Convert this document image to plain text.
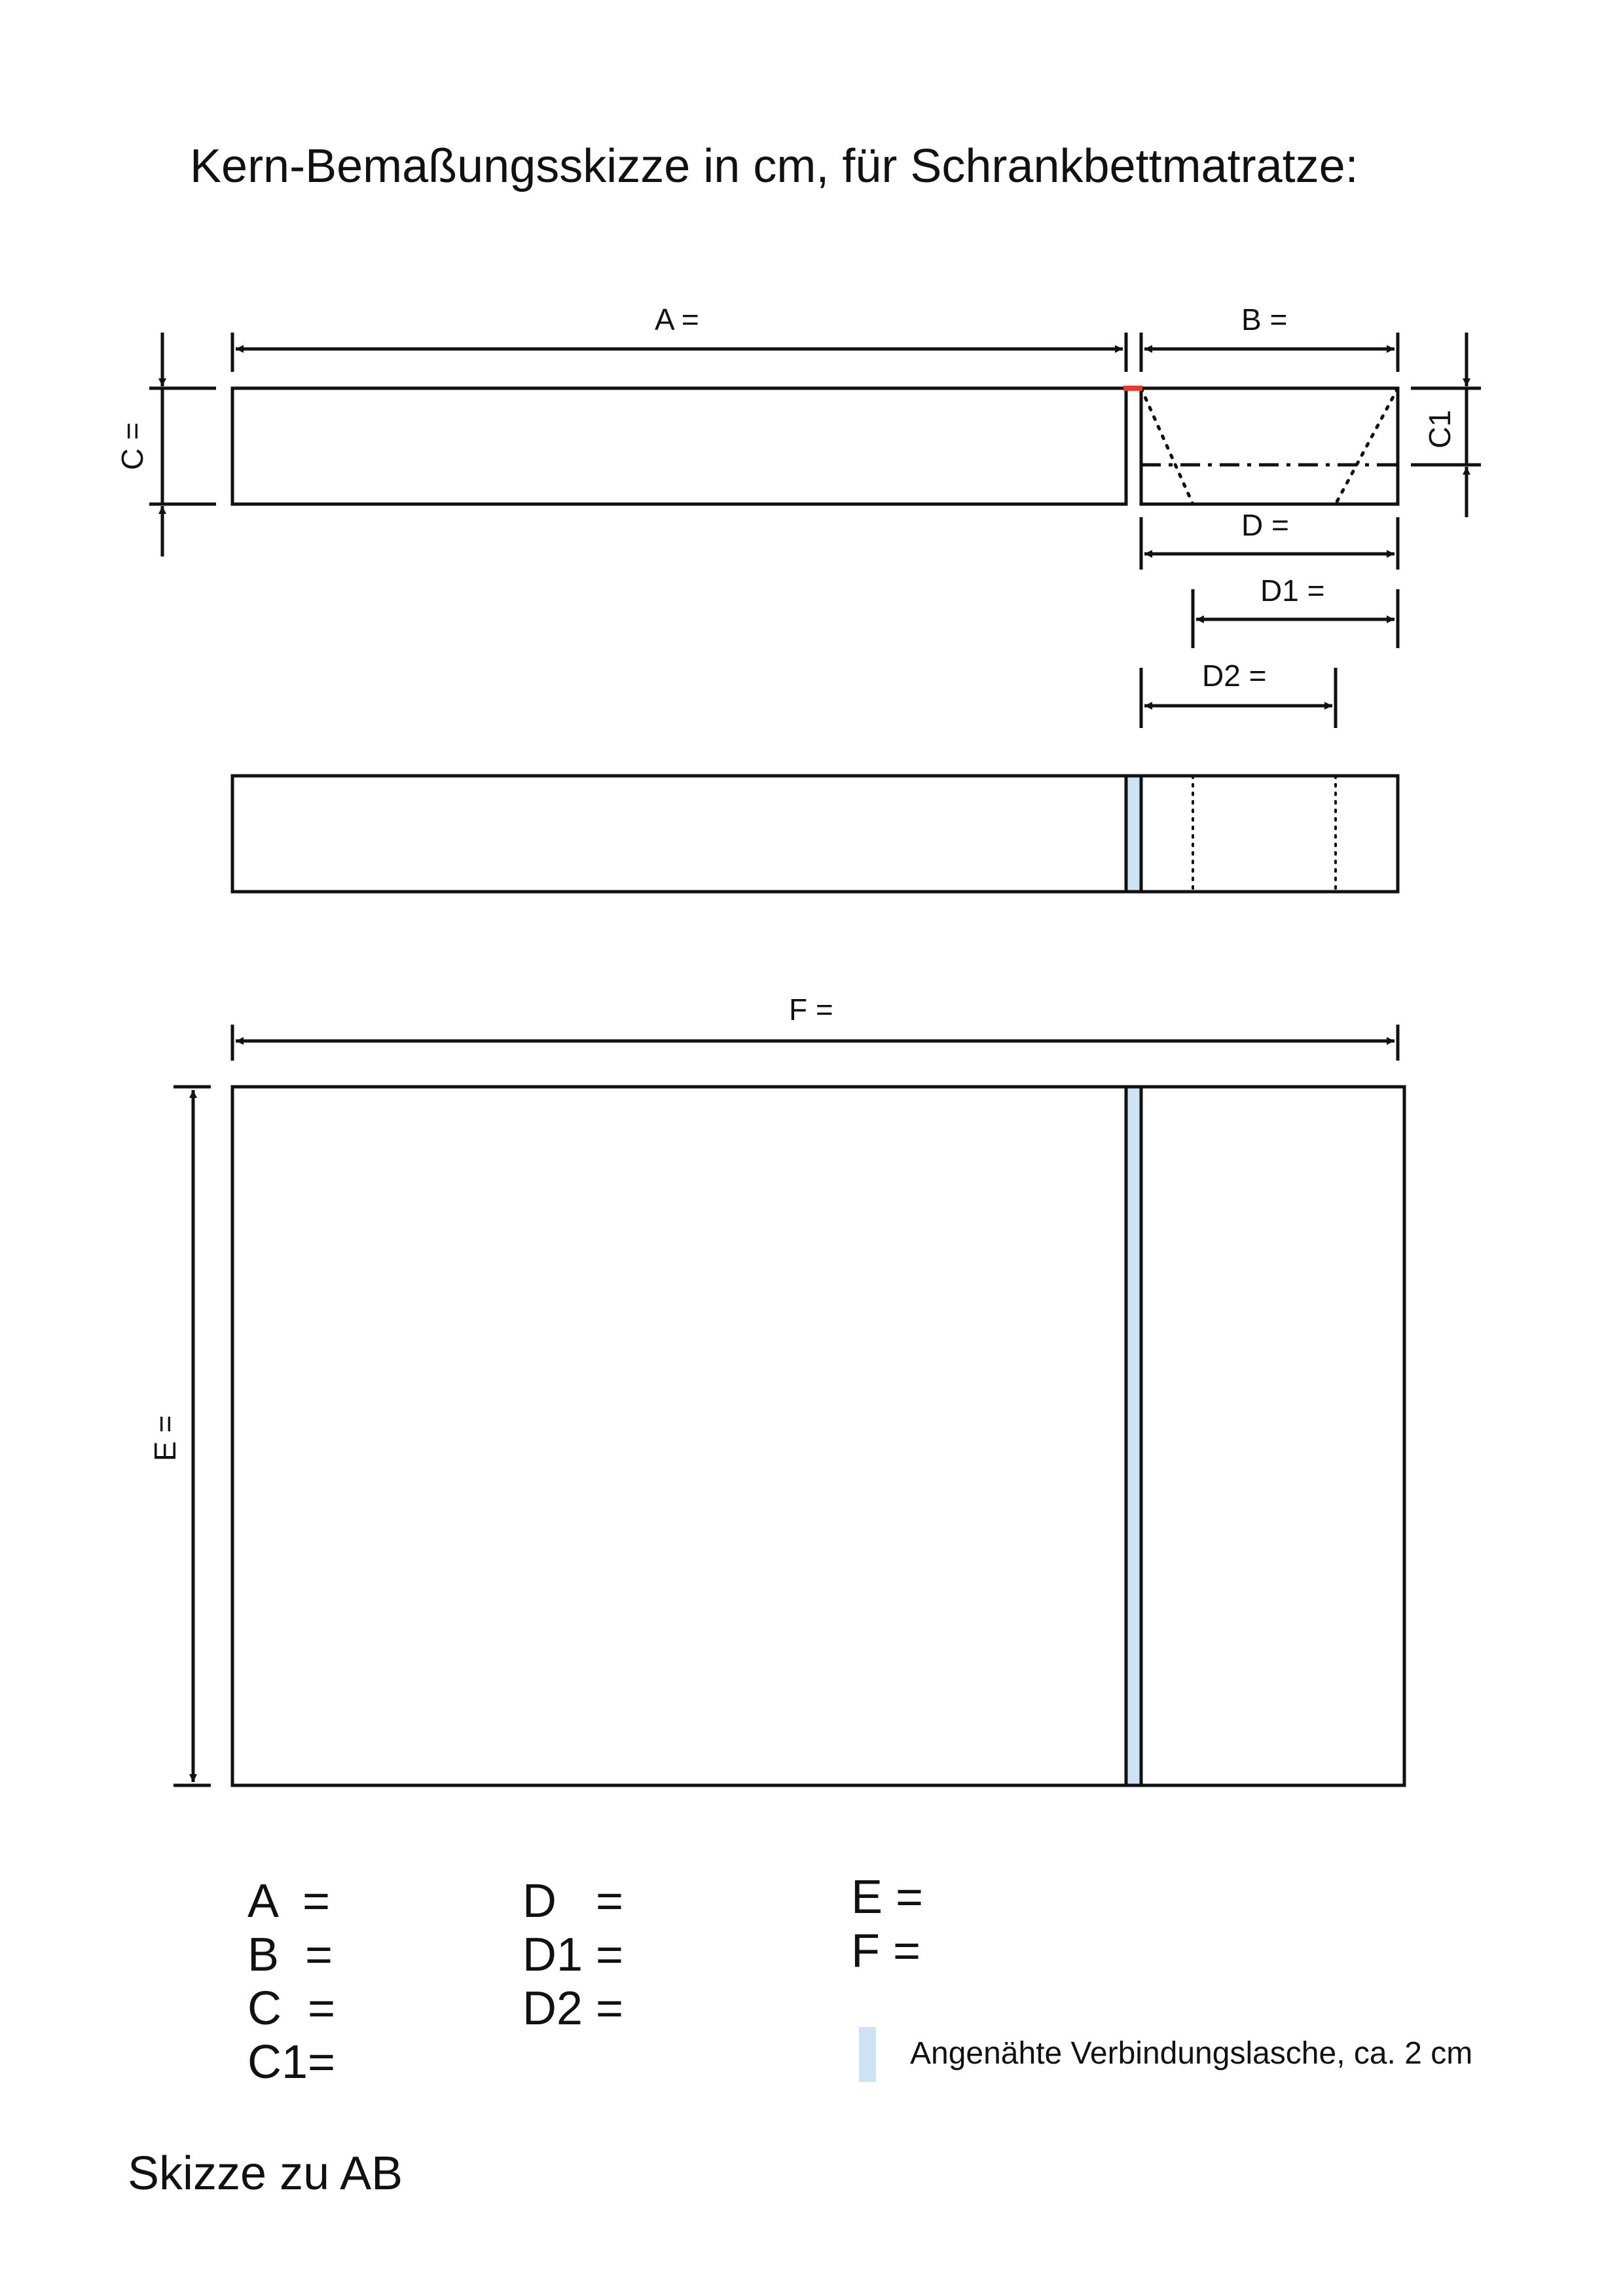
Kern-Bemaßungsskizze in cm, für Schrankbettmatratze:
A =	B =
C =	C1
D =
D1 =
D2 =
F =
E =
A  =
B  =
C  =
C1=
D   =
D1 =
D2 =
E =
F =
Angenähte Verbindungslasche, ca. 2 cm
Skizze zu AB
